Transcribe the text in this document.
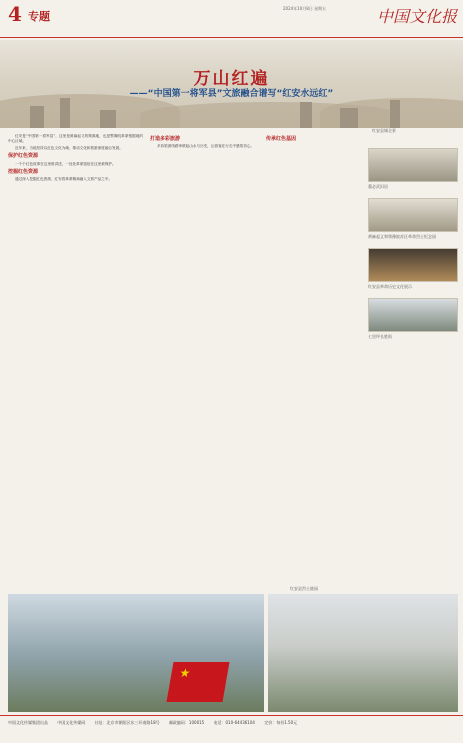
4 专题
2024年10月8日 星期五	中国文化报
万山红遍
——“中国第一将军县”文旅融合谱写“红安水远红”
红安县城全景

红安是“中国第一将军县”，这里是黄麻起义的策源地，也是鄂豫皖革命根据地的中心区域。

近年来，当地坚持以红色文化为魂，推动文化和旅游深度融合发展。

保护红色资源

一个个红色故事在这里被讲述，一处处革命遗址在这里被保护。

挖掘红色资源

通过深入挖掘红色资源，红安将革命精神融入文旅产品之中。

打造多彩旅游

多彩旅游线路串联起山水与历史，让游客在行走中感悟初心。

传承红色基因
董必武旧居
黄麻起义和鄂豫皖苏区革命烈士纪念园
红安县革命历史文化展示
七里坪长胜街
★
红安县烈士陵园
中国文化传媒集团出品 中国文化传媒网 社址：北京市朝阳区东三环南路18号 邮政编码：100015 电话：010-64436104 定价：每份1.50元
